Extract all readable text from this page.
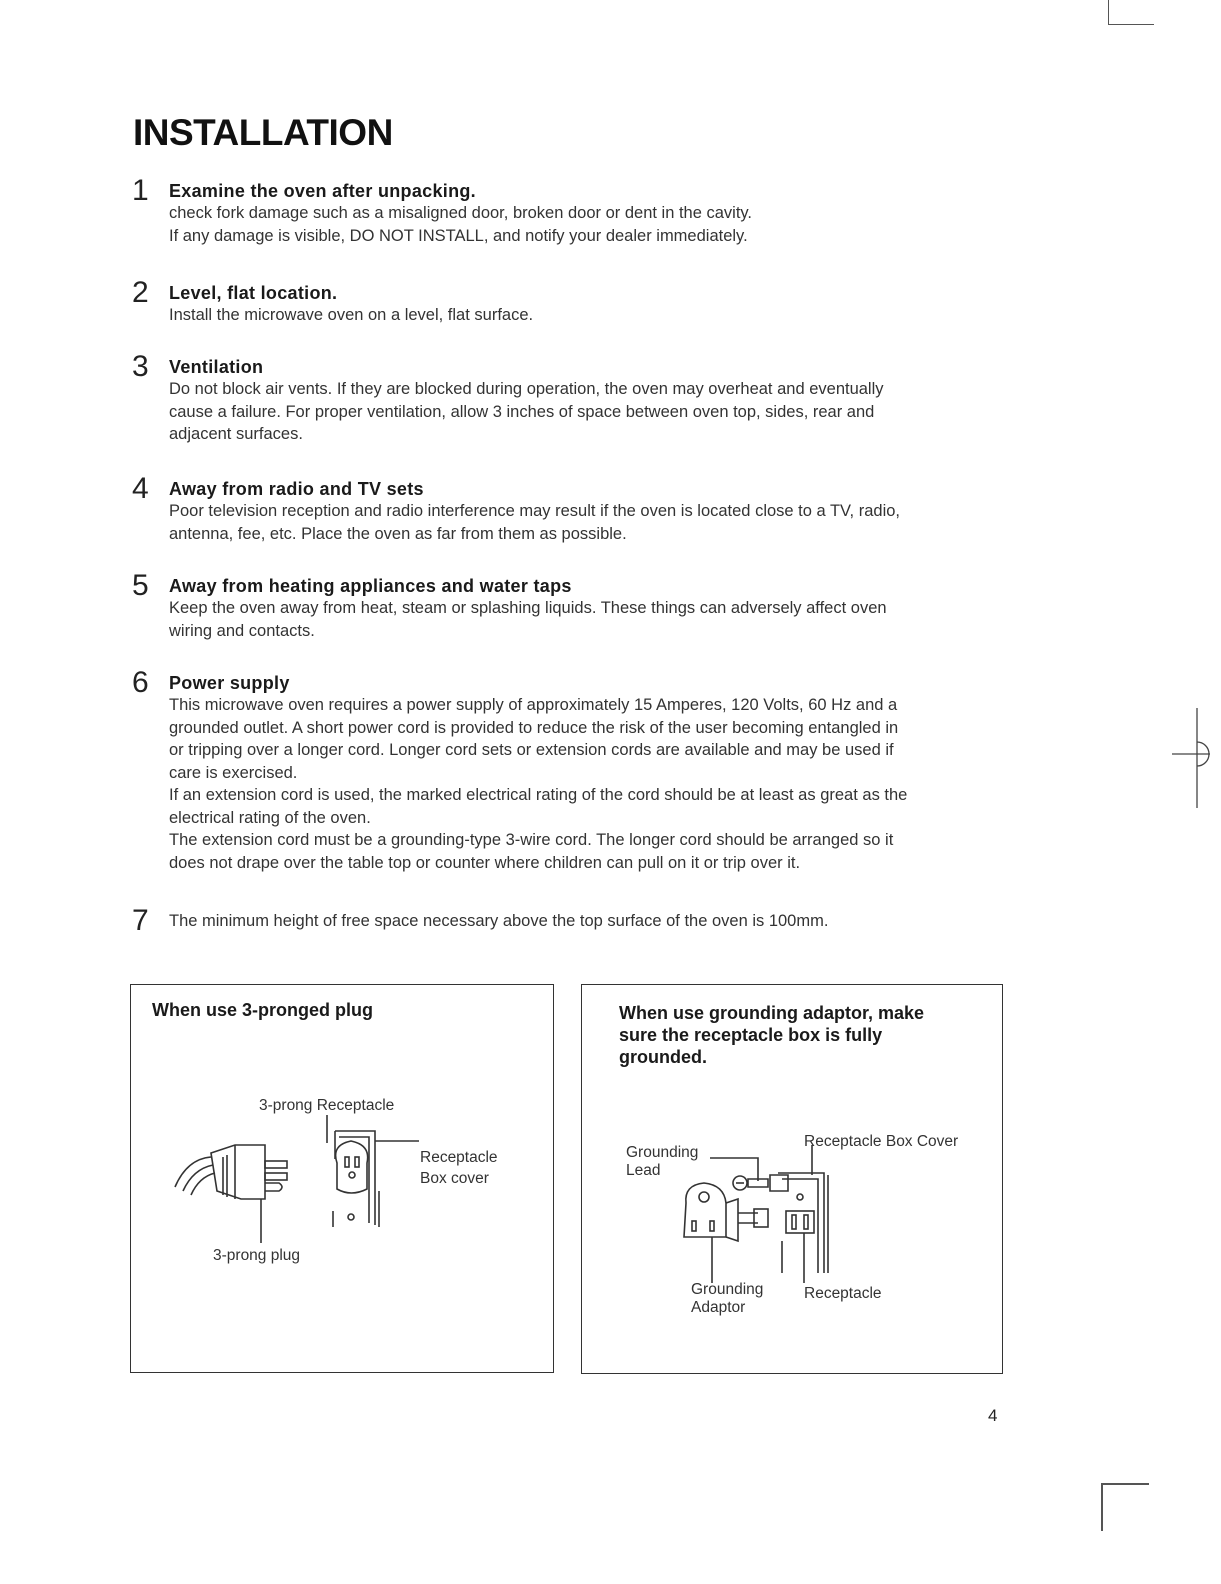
INSTALLATION
1	Examine the oven after unpacking.

check fork damage such as a misaligned door, broken door or dent in the cavity.

If any damage is visible, DO NOT INSTALL, and notify your dealer immediately.

2	Level, flat location.

Install the microwave oven on a level, flat surface.

3	Ventilation

Do not block air vents. If they are blocked during operation, the oven may overheat and eventually

cause a failure. For proper ventilation, allow 3 inches of space between oven top, sides, rear and

adjacent surfaces.

4	Away from radio and TV sets

Poor television reception and radio interference may result if the oven is located close to a TV, radio,

antenna, fee, etc. Place the oven as far from them as possible.

5	Away from heating appliances and water taps

Keep the oven away from heat, steam or splashing liquids. These things can adversely affect oven

wiring and contacts.

6	Power supply

This microwave oven requires a power supply of approximately 15 Amperes, 120 Volts, 60 Hz and a

grounded outlet. A short power cord is provided to reduce the risk of the user becoming entangled in

or tripping over a longer cord. Longer cord sets or extension cords are available and may be used if

care is exercised.

If an extension cord is used, the marked electrical rating of the cord should be at least as great as the

electrical rating of the oven.

The extension cord must be a grounding-type 3-wire cord. The longer cord should be arranged so it

does not drape over the table top or counter where children can pull on it or trip over it.

7	The minimum height of free space necessary above the top surface of the oven is 100mm.
When use 3-pronged plug
3-prong Receptacle
Receptacle
Box cover
3-prong plug
When use grounding adaptor, make
sure the receptacle box is fully
grounded.
Grounding
Lead
Receptacle Box Cover
Grounding
Adaptor
Receptacle
4
